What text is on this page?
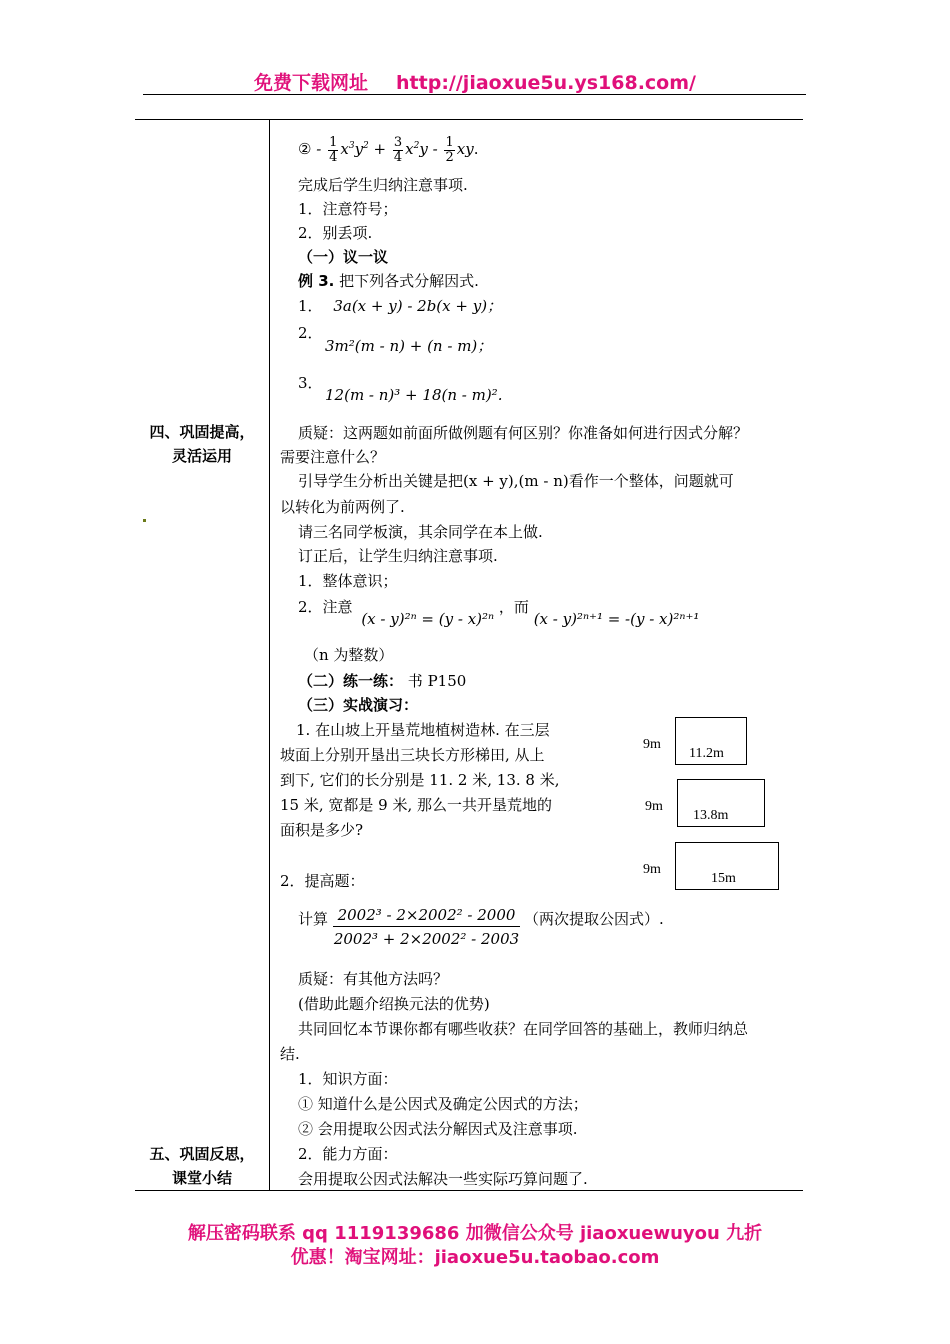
免费下载网址 http://jiaoxue5u.ys168.com/

四、巩固提高，
灵活运用
五、巩固反思，
课堂小结
② - $\frac{1}{4} x^3y^2 + \frac{3}{4} x^2y - \frac{1}{2}$ xy.
完成后学生归纳注意事项.
1．注意符号；
2．别丢项.
（一）议一议
例 3. 把下列各式分解因式.
1． 3a(x + y) - 2b(x + y)；
2．
3m²(m - n) + (n - m)；
3．
12(m - n)³ + 18(n - m)².
质疑：这两题如前面所做例题有何区别？你准备如何进行因式分解？
需要注意什么？
引导学生分析出关键是把(x + y),(m - n)看作一个整体，问题就可
以转化为前两例了.
请三名同学板演，其余同学在本上做.
订正后，让学生归纳注意事项.
1．整体意识；
2．注意 (x - y)²ⁿ = (y - x)²ⁿ ，而 (x - y)²ⁿ⁺¹ = -(y - x)²ⁿ⁺¹
（n 为整数）
（二）练一练： 书 P150
（三）实战演习：
1. 在山坡上开垦荒地植树造林. 在三层
坡面上分别开垦出三块长方形梯田, 从上
到下, 它们的长分别是 11. 2 米, 13. 8 米,
15 米, 宽都是 9 米, 那么一共开垦荒地的
面积是多少?
9m
11.2m
9m
13.8m
9m
15m
2．提高题：
计算 $\frac{\text{2002³ - 2×2002² - 2000}}{\text{2002³ + 2×2002² - 2003}}$ （两次提取公因式）.
质疑：有其他方法吗？
(借助此题介绍换元法的优势)
共同回忆本节课你都有哪些收获？在同学回答的基础上，教师归纳总
结.
1．知识方面：
① 知道什么是公因式及确定公因式的方法；
② 会用提取公因式法分解因式及注意事项.
2．能力方面：
会用提取公因式法解决一些实际巧算问题了.
解压密码联系 qq 1119139686 加微信公众号 jiaoxuewuyou 九折
优惠！淘宝网址：jiaoxue5u.taobao.com
